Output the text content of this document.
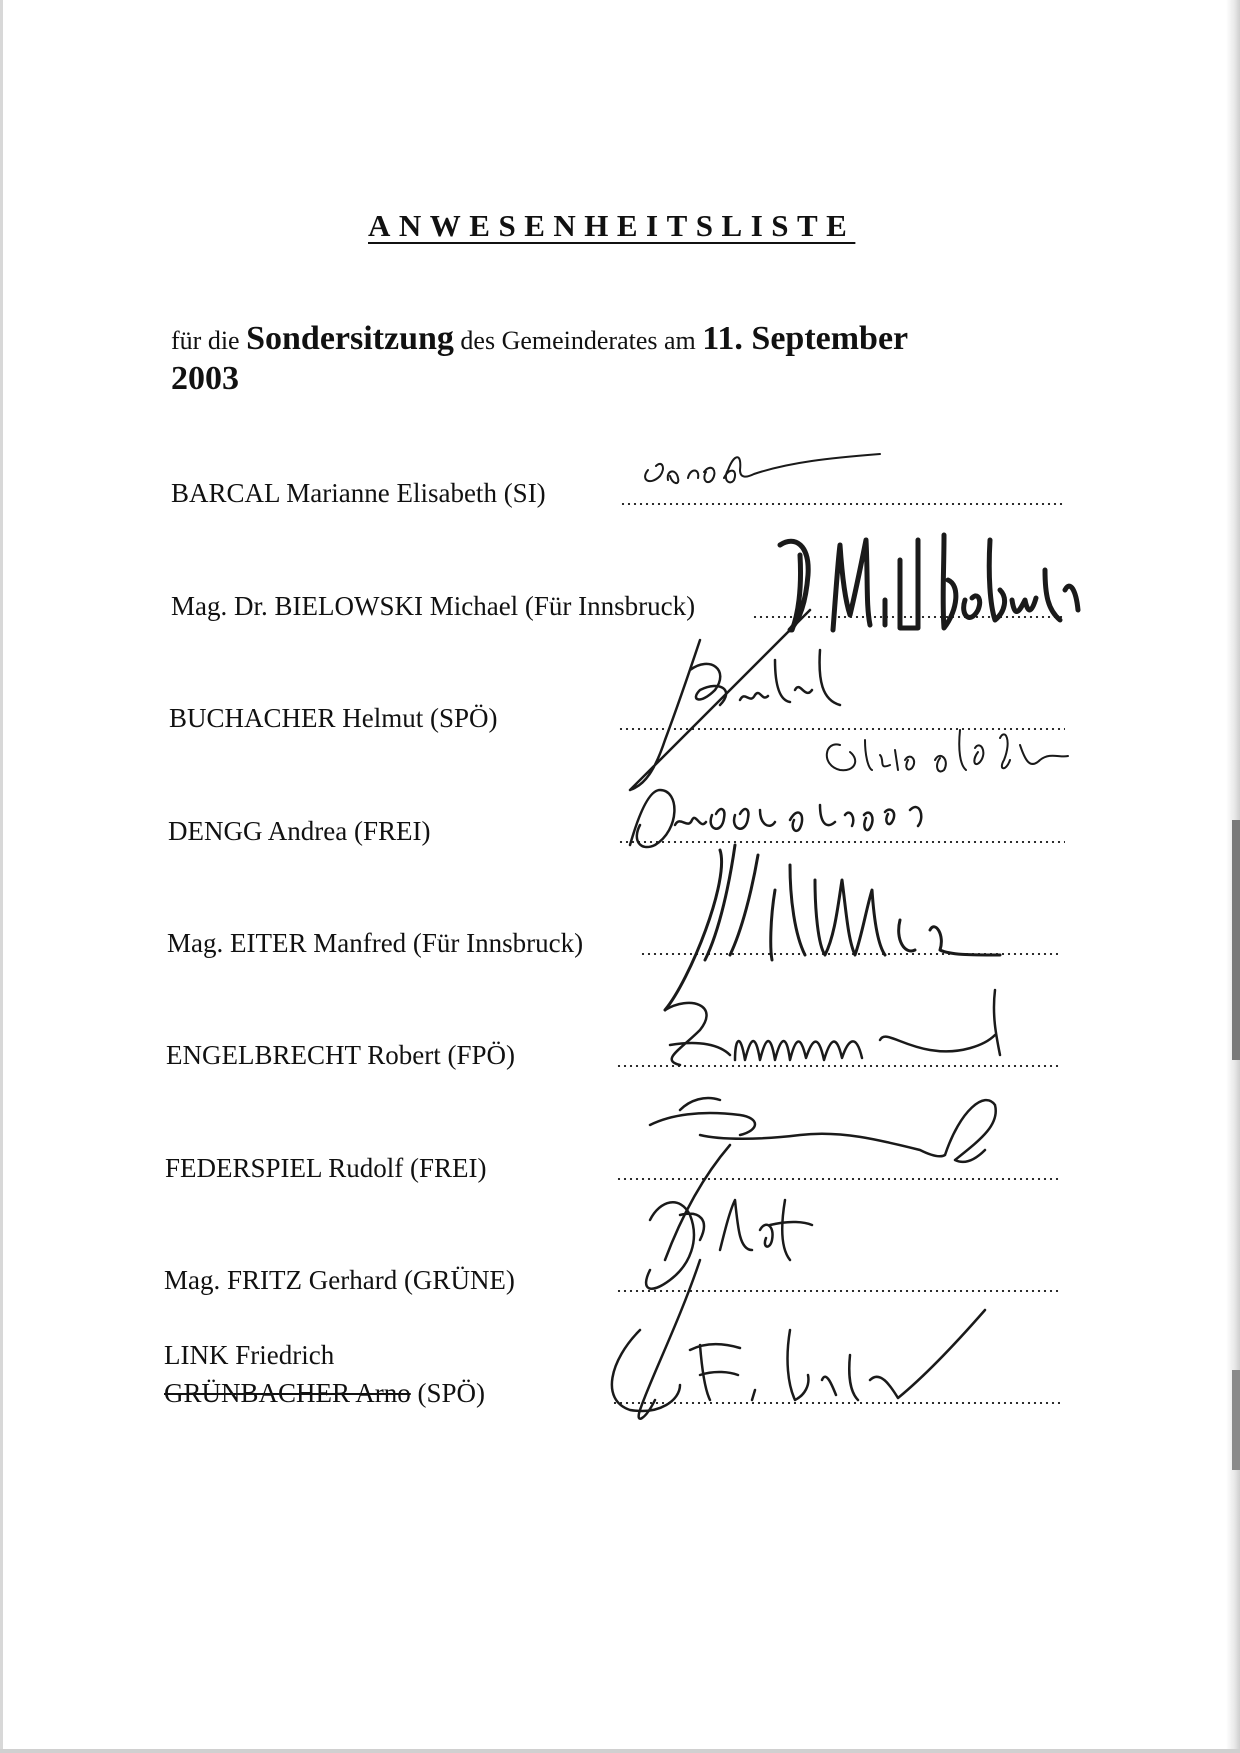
ANWESENHEITSLISTE
für die Sondersitzung des Gemeinderates am 11. September
2003
BARCAL Marianne Elisabeth (SI)
Mag. Dr. BIELOWSKI Michael (Für Innsbruck)
BUCHACHER Helmut (SPÖ)
DENGG Andrea (FREI)
Mag. EITER Manfred (Für Innsbruck)
ENGELBRECHT Robert (FPÖ)
FEDERSPIEL Rudolf (FREI)
Mag. FRITZ Gerhard (GRÜNE)
LINK Friedrich
GRÜNBACHER Arno (SPÖ)
